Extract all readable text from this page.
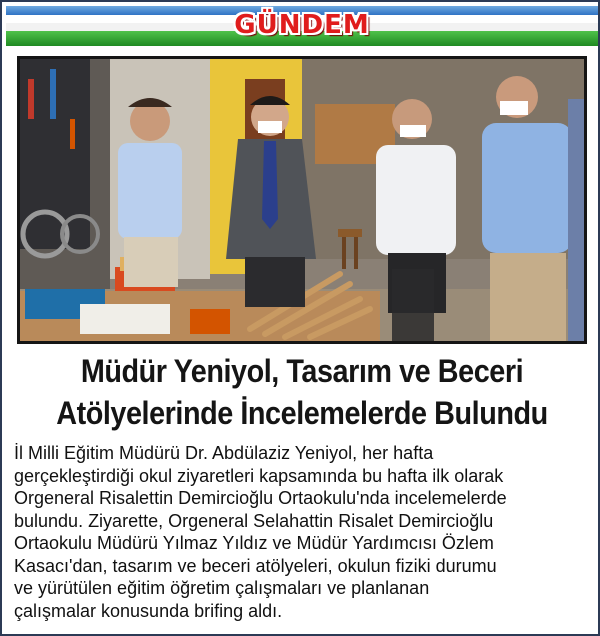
GÜNDEM
Müdür Yeniyol, Tasarım ve Beceri
Atölyelerinde İncelemelerde Bulundu
İl Milli Eğitim Müdürü Dr. Abdülaziz Yeniyol, her hafta
gerçekleştirdiği okul ziyaretleri kapsamında bu hafta ilk olarak
Orgeneral Risalettin Demircioğlu Ortaokulu'nda incelemelerde
bulundu. Ziyarette, Orgeneral Selahattin Risalet Demircioğlu
Ortaokulu Müdürü Yılmaz Yıldız ve Müdür Yardımcısı Özlem
Kasacı'dan, tasarım ve beceri atölyeleri, okulun fiziki durumu
ve yürütülen eğitim öğretim çalışmaları ve planlanan
çalışmalar konusunda brifing aldı.
